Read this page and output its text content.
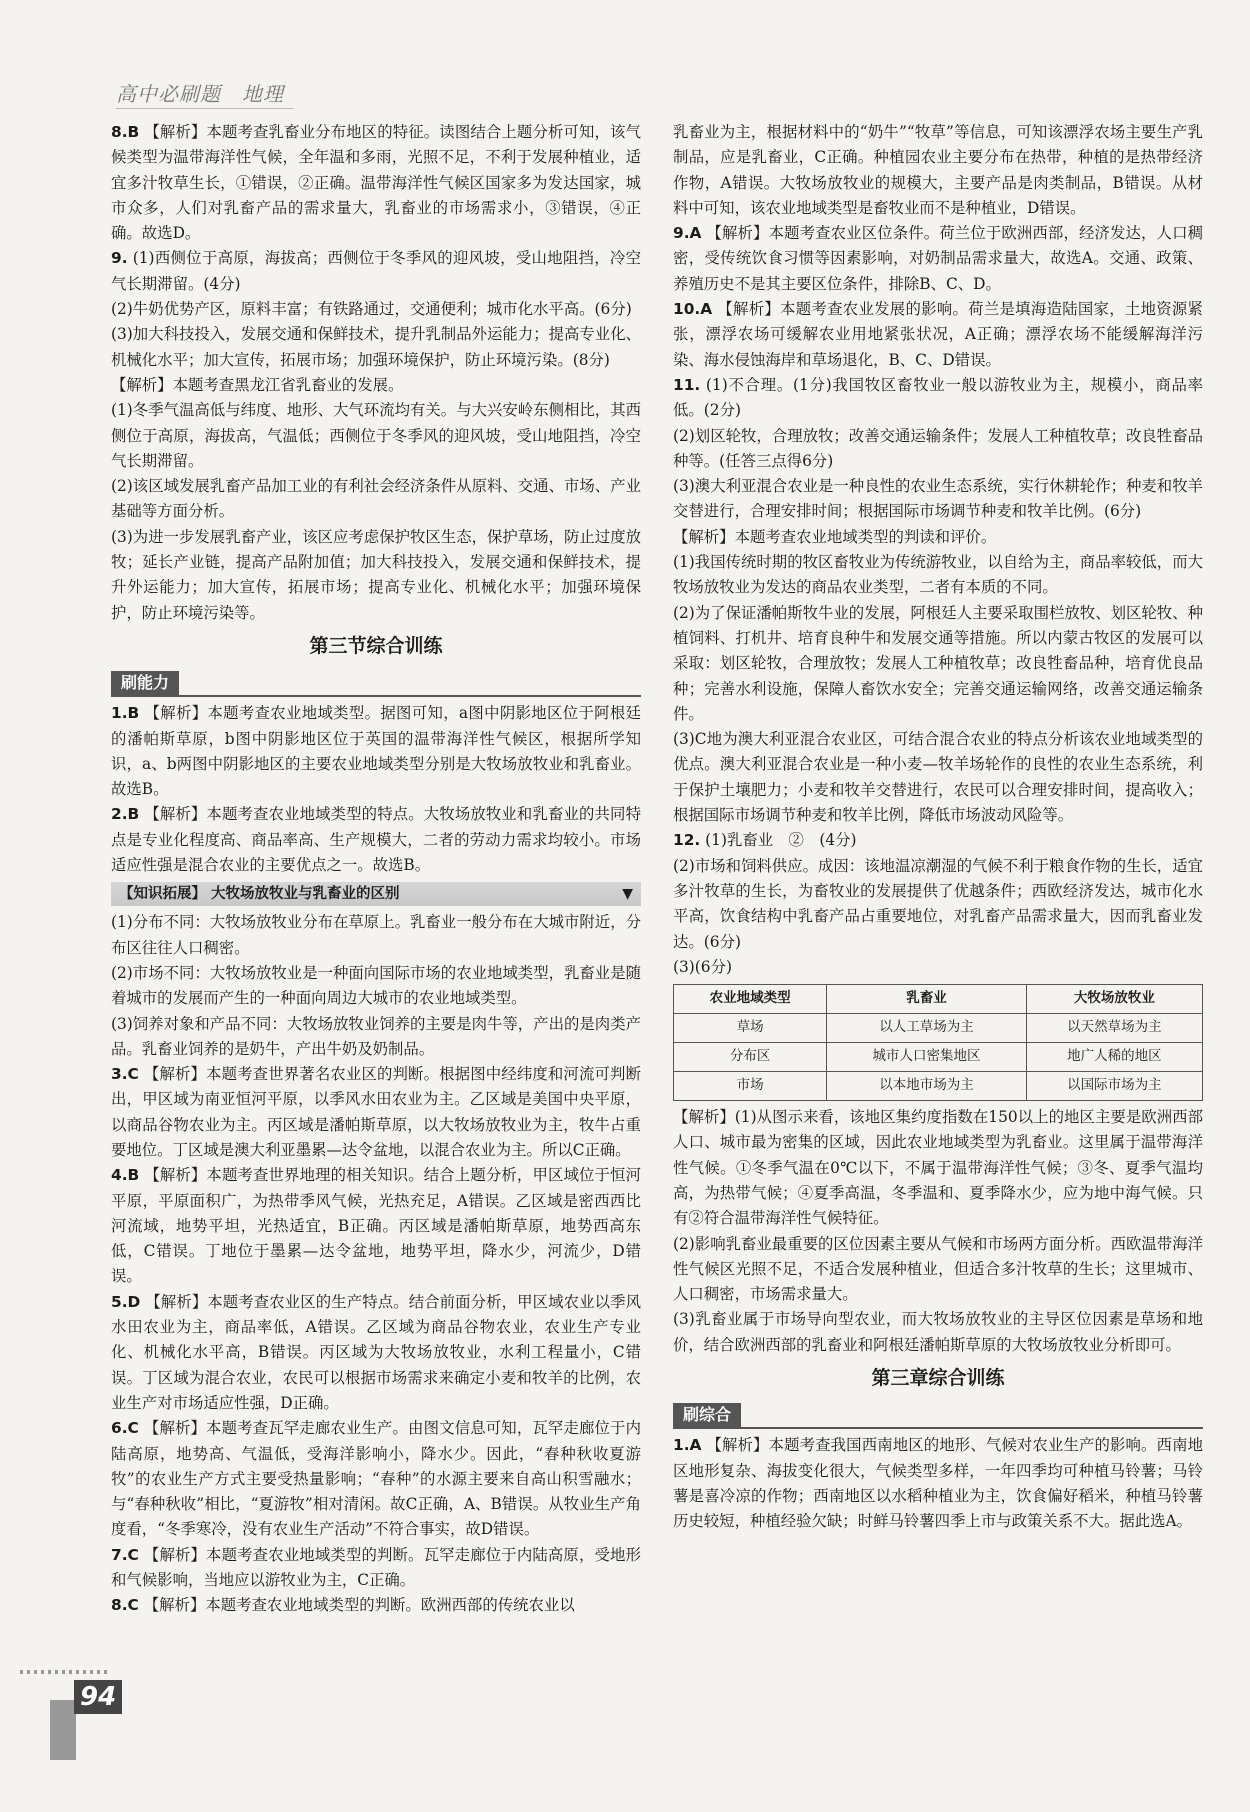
高中必刷题　地理

8.B 【解析】本题考查乳畜业分布地区的特征。读图结合上题分析可知，该气候类型为温带海洋性气候，全年温和多雨，光照不足，不利于发展种植业，适宜多汁牧草生长，①错误，②正确。温带海洋性气候区国家多为发达国家，城市众多，人们对乳畜产品的需求量大，乳畜业的市场需求小，③错误，④正确。故选D。

9. (1)西侧位于高原，海拔高；西侧位于冬季风的迎风坡，受山地阻挡，冷空气长期滞留。(4分)

(2)牛奶优势产区，原料丰富；有铁路通过，交通便利；城市化水平高。(6分)

(3)加大科技投入，发展交通和保鲜技术，提升乳制品外运能力；提高专业化、机械化水平；加大宣传，拓展市场；加强环境保护，防止环境污染。(8分)

【解析】本题考查黑龙江省乳畜业的发展。

(1)冬季气温高低与纬度、地形、大气环流均有关。与大兴安岭东侧相比，其西侧位于高原，海拔高，气温低；西侧位于冬季风的迎风坡，受山地阻挡，冷空气长期滞留。

(2)该区域发展乳畜产品加工业的有利社会经济条件从原料、交通、市场、产业基础等方面分析。

(3)为进一步发展乳畜产业，该区应考虑保护牧区生态，保护草场，防止过度放牧；延长产业链，提高产品附加值；加大科技投入，发展交通和保鲜技术，提升外运能力；加大宣传，拓展市场；提高专业化、机械化水平；加强环境保护，防止环境污染等。

第三节综合训练
刷能力

1.B 【解析】本题考查农业地域类型。据图可知，a图中阴影地区位于阿根廷的潘帕斯草原，b图中阴影地区位于英国的温带海洋性气候区，根据所学知识，a、b两图中阴影地区的主要农业地域类型分别是大牧场放牧业和乳畜业。故选B。

2.B 【解析】本题考查农业地域类型的特点。大牧场放牧业和乳畜业的共同特点是专业化程度高、商品率高、生产规模大，二者的劳动力需求均较小。市场适应性强是混合农业的主要优点之一。故选B。

【知识拓展】 大牧场放牧业与乳畜业的区别	▼

(1)分布不同：大牧场放牧业分布在草原上。乳畜业一般分布在大城市附近，分布区往往人口稠密。

(2)市场不同：大牧场放牧业是一种面向国际市场的农业地域类型，乳畜业是随着城市的发展而产生的一种面向周边大城市的农业地域类型。

(3)饲养对象和产品不同：大牧场放牧业饲养的主要是肉牛等，产出的是肉类产品。乳畜业饲养的是奶牛，产出牛奶及奶制品。

3.C 【解析】本题考查世界著名农业区的判断。根据图中经纬度和河流可判断出，甲区域为南亚恒河平原，以季风水田农业为主。乙区域是美国中央平原，以商品谷物农业为主。丙区域是潘帕斯草原，以大牧场放牧业为主，牧牛占重要地位。丁区域是澳大利亚墨累—达令盆地，以混合农业为主。所以C正确。

4.B 【解析】本题考查世界地理的相关知识。结合上题分析，甲区域位于恒河平原，平原面积广，为热带季风气候，光热充足，A错误。乙区域是密西西比河流域，地势平坦，光热适宜，B正确。丙区域是潘帕斯草原，地势西高东低，C错误。丁地位于墨累—达令盆地，地势平坦，降水少，河流少，D错误。

5.D 【解析】本题考查农业区的生产特点。结合前面分析，甲区域农业以季风水田农业为主，商品率低，A错误。乙区域为商品谷物农业，农业生产专业化、机械化水平高，B错误。丙区域为大牧场放牧业，水利工程量小，C错误。丁区域为混合农业，农民可以根据市场需求来确定小麦和牧羊的比例，农业生产对市场适应性强，D正确。

6.C 【解析】本题考查瓦罕走廊农业生产。由图文信息可知，瓦罕走廊位于内陆高原，地势高、气温低，受海洋影响小，降水少。因此，“春种秋收夏游牧”的农业生产方式主要受热量影响；“春种”的水源主要来自高山积雪融水；与“春种秋收”相比，“夏游牧”相对清闲。故C正确，A、B错误。从牧业生产角度看，“冬季寒冷，没有农业生产活动”不符合事实，故D错误。

7.C 【解析】本题考查农业地域类型的判断。瓦罕走廊位于内陆高原，受地形和气候影响，当地应以游牧业为主，C正确。

8.C 【解析】本题考查农业地域类型的判断。欧洲西部的传统农业以

乳畜业为主，根据材料中的“奶牛”“牧草”等信息，可知该漂浮农场主要生产乳制品，应是乳畜业，C正确。种植园农业主要分布在热带，种植的是热带经济作物，A错误。大牧场放牧业的规模大，主要产品是肉类制品，B错误。从材料中可知，该农业地域类型是畜牧业而不是种植业，D错误。

9.A 【解析】本题考查农业区位条件。荷兰位于欧洲西部，经济发达，人口稠密，受传统饮食习惯等因素影响，对奶制品需求量大，故选A。交通、政策、养殖历史不是其主要区位条件，排除B、C、D。

10.A 【解析】本题考查农业发展的影响。荷兰是填海造陆国家，土地资源紧张，漂浮农场可缓解农业用地紧张状况，A正确；漂浮农场不能缓解海洋污染、海水侵蚀海岸和草场退化，B、C、D错误。

11. (1)不合理。(1分)我国牧区畜牧业一般以游牧业为主，规模小，商品率低。(2分)

(2)划区轮牧，合理放牧；改善交通运输条件；发展人工种植牧草；改良牲畜品种等。(任答三点得6分)

(3)澳大利亚混合农业是一种良性的农业生态系统，实行休耕轮作；种麦和牧羊交替进行，合理安排时间；根据国际市场调节种麦和牧羊比例。(6分)

【解析】本题考查农业地域类型的判读和评价。

(1)我国传统时期的牧区畜牧业为传统游牧业，以自给为主，商品率较低，而大牧场放牧业为发达的商品农业类型，二者有本质的不同。

(2)为了保证潘帕斯牧牛业的发展，阿根廷人主要采取围栏放牧、划区轮牧、种植饲料、打机井、培育良种牛和发展交通等措施。所以内蒙古牧区的发展可以采取：划区轮牧，合理放牧；发展人工种植牧草；改良牲畜品种，培育优良品种；完善水利设施，保障人畜饮水安全；完善交通运输网络，改善交通运输条件。

(3)C地为澳大利亚混合农业区，可结合混合农业的特点分析该农业地域类型的优点。澳大利亚混合农业是一种小麦—牧羊场轮作的良性的农业生态系统，利于保护土壤肥力；小麦和牧羊交替进行，农民可以合理安排时间，提高收入；根据国际市场调节种麦和牧羊比例，降低市场波动风险等。

12. (1)乳畜业　②　(4分)

(2)市场和饲料供应。成因：该地温凉潮湿的气候不利于粮食作物的生长，适宜多汁牧草的生长，为畜牧业的发展提供了优越条件；西欧经济发达，城市化水平高，饮食结构中乳畜产品占重要地位，对乳畜产品需求量大，因而乳畜业发达。(6分)

(3)(6分)

农业地域类型	乳畜业	大牧场放牧业
草场	以人工草场为主	以天然草场为主
分布区	城市人口密集地区	地广人稀的地区
市场	以本地市场为主	以国际市场为主

【解析】(1)从图示来看，该地区集约度指数在150以上的地区主要是欧洲西部人口、城市最为密集的区域，因此农业地域类型为乳畜业。这里属于温带海洋性气候。①冬季气温在0℃以下，不属于温带海洋性气候；③冬、夏季气温均高，为热带气候；④夏季高温，冬季温和、夏季降水少，应为地中海气候。只有②符合温带海洋性气候特征。

(2)影响乳畜业最重要的区位因素主要从气候和市场两方面分析。西欧温带海洋性气候区光照不足，不适合发展种植业，但适合多汁牧草的生长；这里城市、人口稠密，市场需求量大。

(3)乳畜业属于市场导向型农业，而大牧场放牧业的主导区位因素是草场和地价，结合欧洲西部的乳畜业和阿根廷潘帕斯草原的大牧场放牧业分析即可。

第三章综合训练
刷综合

1.A 【解析】本题考查我国西南地区的地形、气候对农业生产的影响。西南地区地形复杂、海拔变化很大，气候类型多样，一年四季均可种植马铃薯；马铃薯是喜冷凉的作物；西南地区以水稻种植业为主，饮食偏好稻米，种植马铃薯历史较短，种植经验欠缺；时鲜马铃薯四季上市与政策关系不大。据此选A。

94
